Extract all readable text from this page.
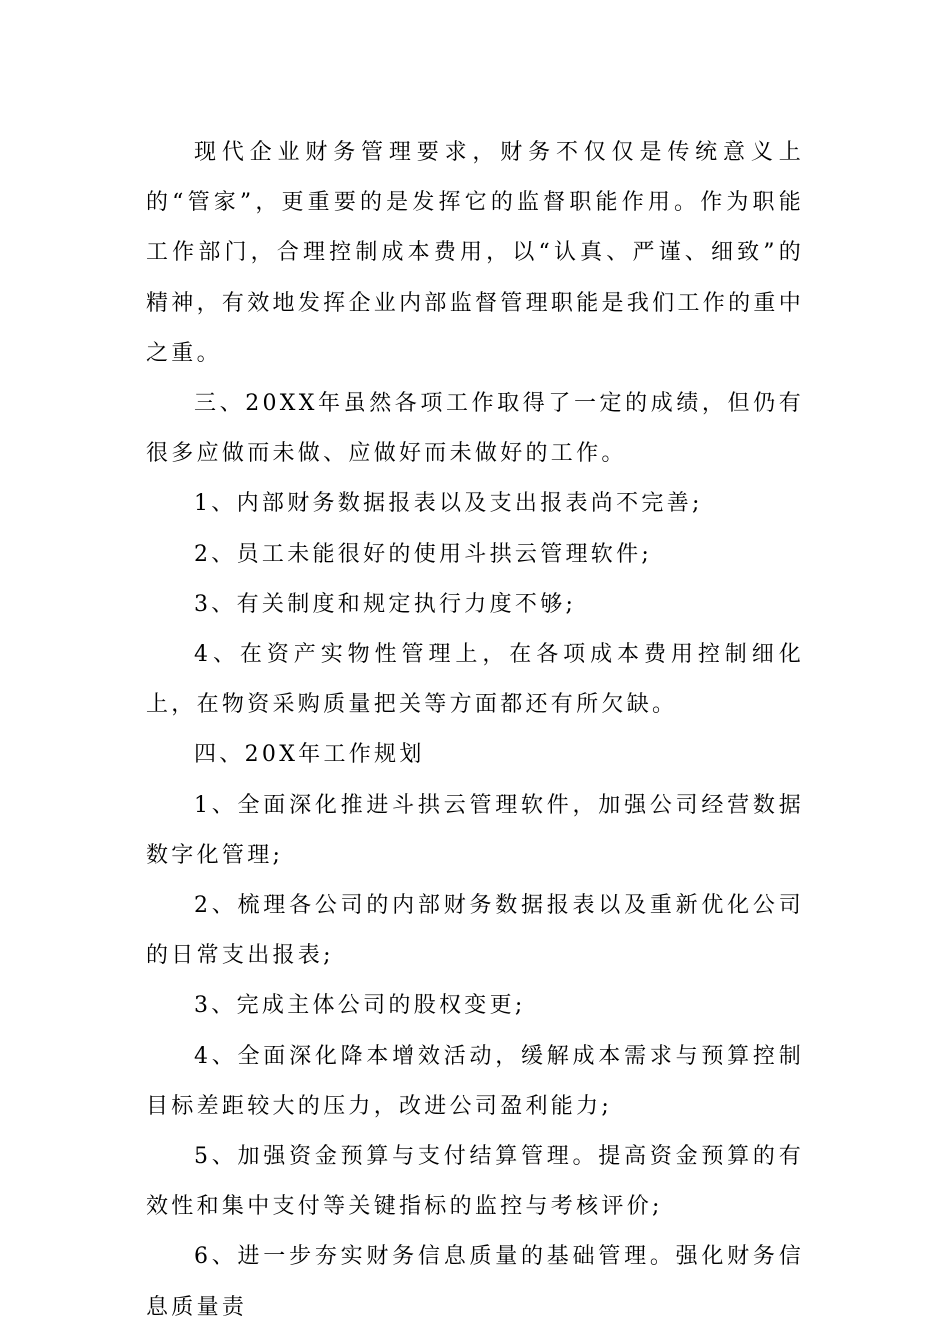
现代企业财务管理要求，财务不仅仅是传统意义上的“管家”，更重要的是发挥它的监督职能作用。作为职能工作部门，合理控制成本费用，以“认真、严谨、细致”的精神，有效地发挥企业内部监督管理职能是我们工作的重中之重。

三、20XX年虽然各项工作取得了一定的成绩，但仍有很多应做而未做、应做好而未做好的工作。

1、内部财务数据报表以及支出报表尚不完善;

2、员工未能很好的使用斗拱云管理软件;

3、有关制度和规定执行力度不够;

4、在资产实物性管理上，在各项成本费用控制细化上，在物资采购质量把关等方面都还有所欠缺。

四、20X年工作规划

1、全面深化推进斗拱云管理软件，加强公司经营数据数字化管理;

2、梳理各公司的内部财务数据报表以及重新优化公司的日常支出报表;

3、完成主体公司的股权变更;

4、全面深化降本增效活动，缓解成本需求与预算控制目标差距较大的压力，改进公司盈利能力;

5、加强资金预算与支付结算管理。提高资金预算的有效性和集中支付等关键指标的监控与考核评价;

6、进一步夯实财务信息质量的基础管理。强化财务信息质量责
